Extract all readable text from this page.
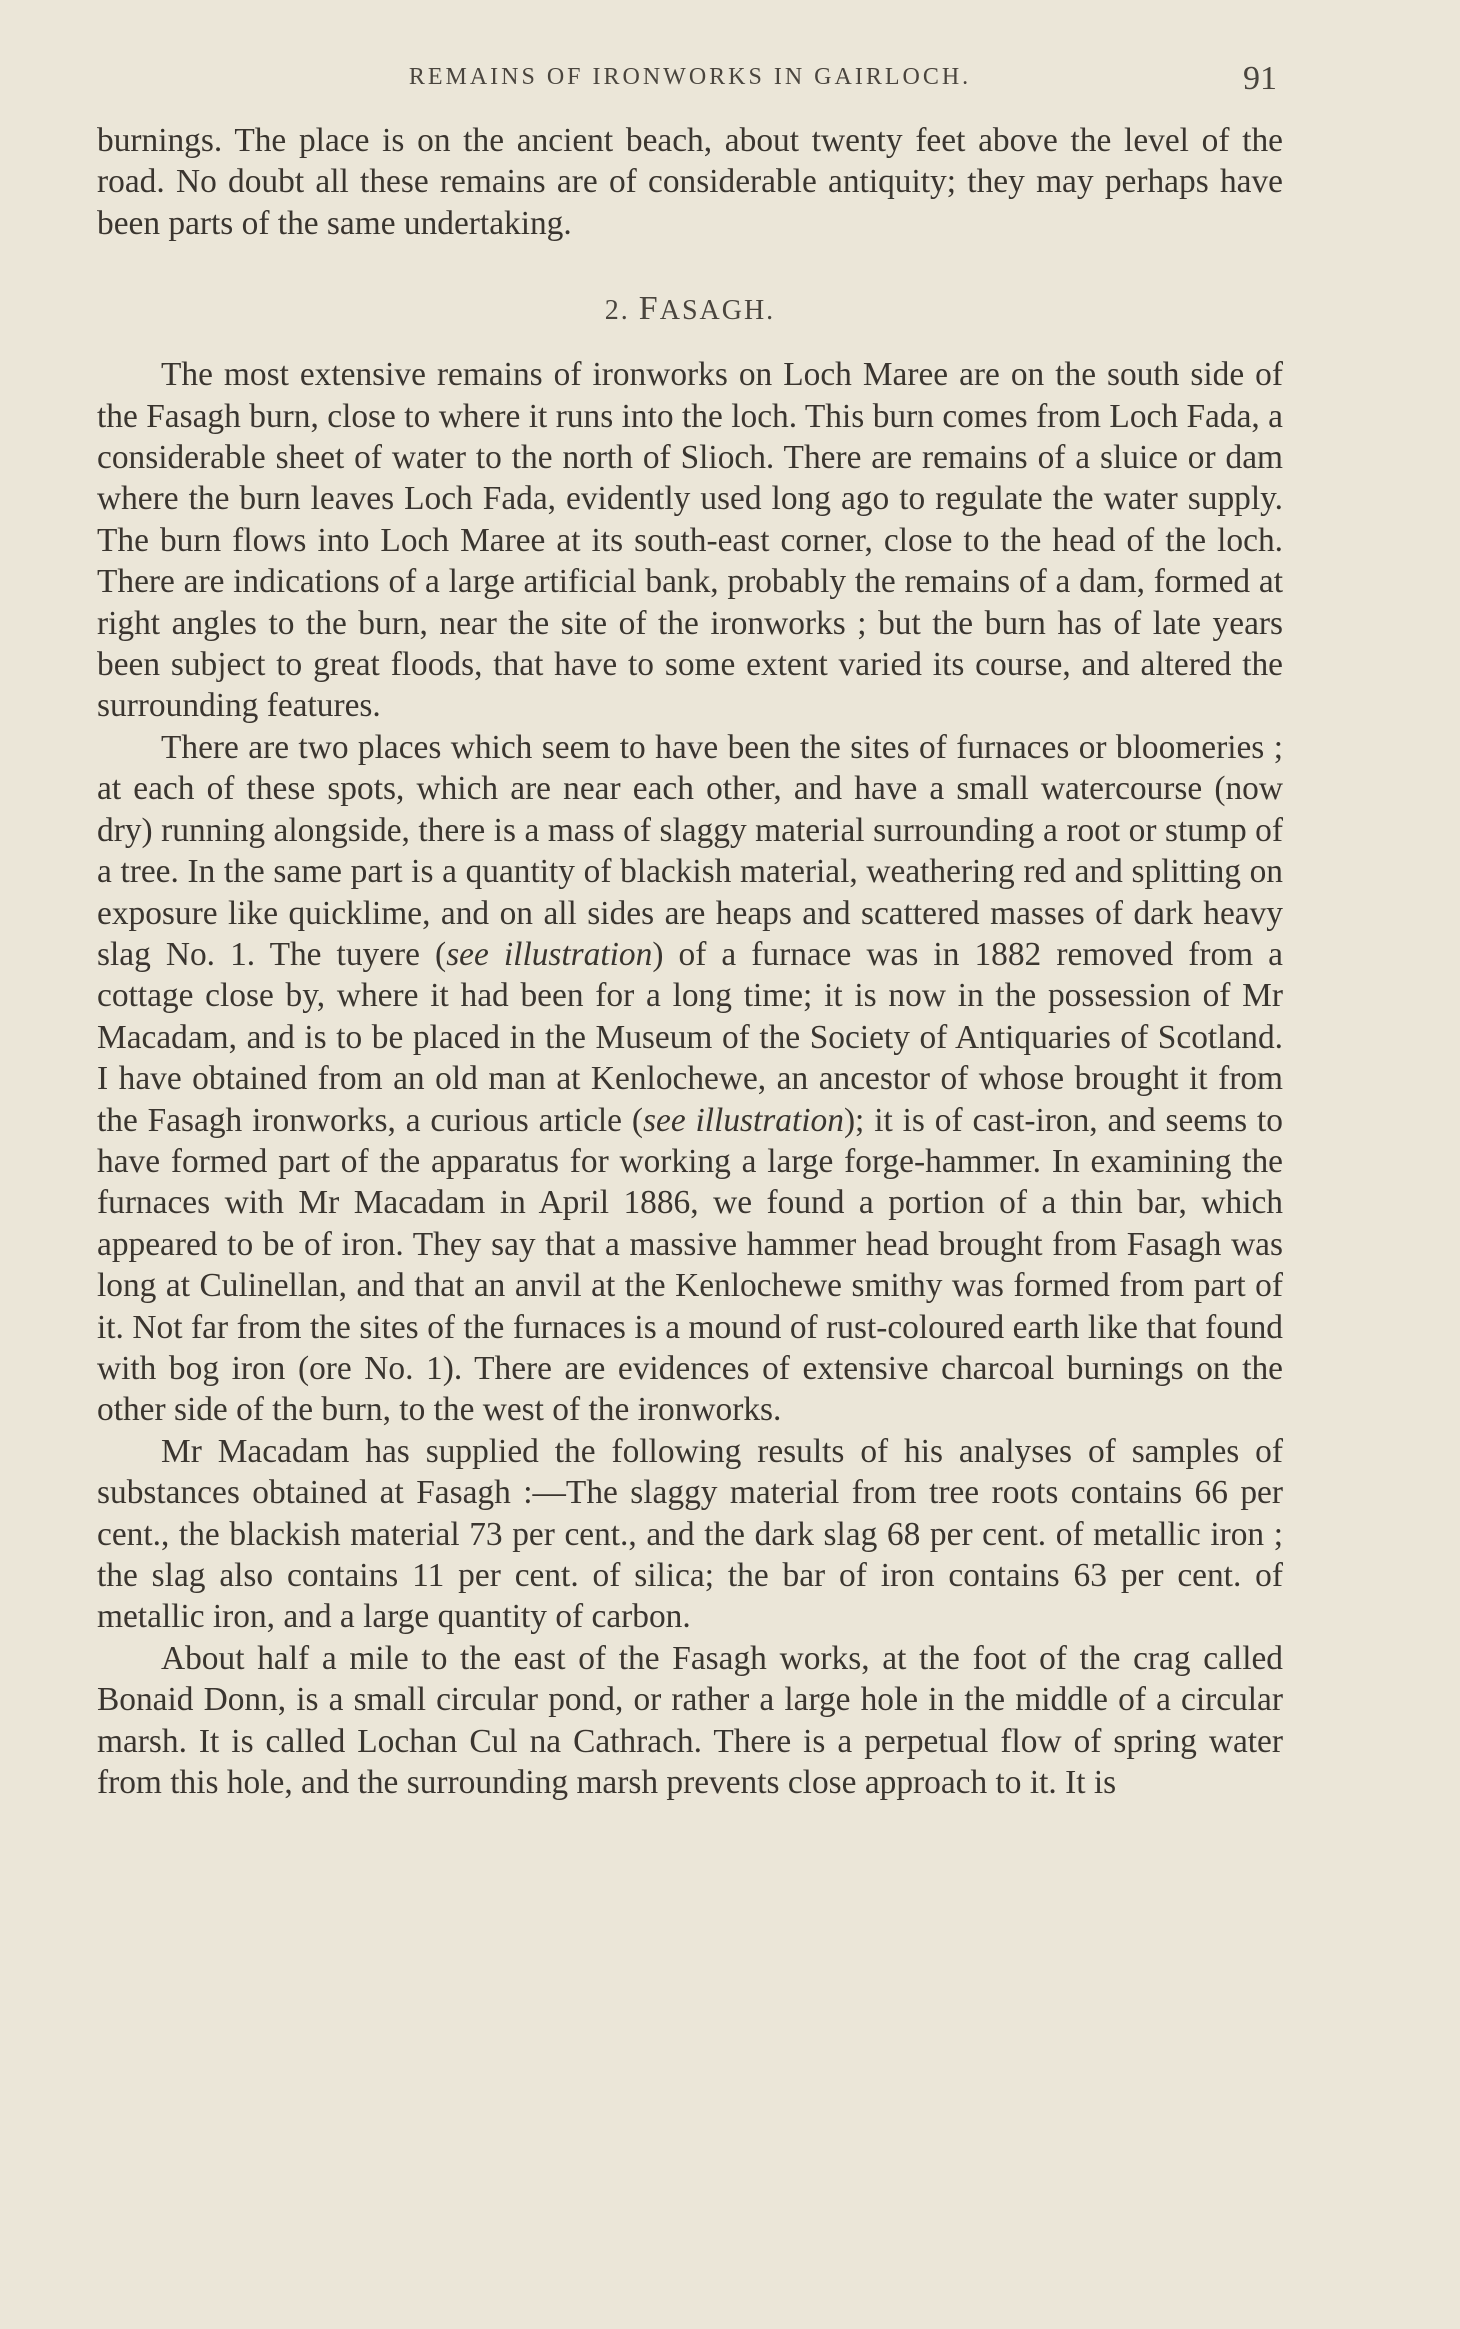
REMAINS OF IRONWORKS IN GAIRLOCH.	91

burnings. The place is on the ancient beach, about twenty feet above the level of the road. No doubt all these remains are of considerable antiquity; they may perhaps have been parts of the same undertaking.

2. FASAGH.

The most extensive remains of ironworks on Loch Maree are on the south side of the Fasagh burn, close to where it runs into the loch. This burn comes from Loch Fada, a considerable sheet of water to the north of Slioch. There are remains of a sluice or dam where the burn leaves Loch Fada, evidently used long ago to regulate the water supply. The burn flows into Loch Maree at its south-east corner, close to the head of the loch. There are indications of a large artificial bank, probably the remains of a dam, formed at right angles to the burn, near the site of the ironworks ; but the burn has of late years been subject to great floods, that have to some extent varied its course, and altered the surrounding features.

There are two places which seem to have been the sites of furnaces or bloomeries ; at each of these spots, which are near each other, and have a small watercourse (now dry) running alongside, there is a mass of slaggy material surrounding a root or stump of a tree. In the same part is a quantity of blackish material, weathering red and splitting on exposure like quicklime, and on all sides are heaps and scattered masses of dark heavy slag No. 1. The tuyere (see illustration) of a furnace was in 1882 removed from a cottage close by, where it had been for a long time; it is now in the possession of Mr Macadam, and is to be placed in the Museum of the Society of Antiquaries of Scotland. I have obtained from an old man at Kenlochewe, an ancestor of whose brought it from the Fasagh ironworks, a curious article (see illustration); it is of cast-iron, and seems to have formed part of the apparatus for working a large forge-hammer. In examining the furnaces with Mr Macadam in April 1886, we found a portion of a thin bar, which appeared to be of iron. They say that a massive hammer head brought from Fasagh was long at Culinellan, and that an anvil at the Kenlochewe smithy was formed from part of it. Not far from the sites of the furnaces is a mound of rust-coloured earth like that found with bog iron (ore No. 1). There are evidences of extensive charcoal burnings on the other side of the burn, to the west of the ironworks.

Mr Macadam has supplied the following results of his analyses of samples of substances obtained at Fasagh :—The slaggy material from tree roots contains 66 per cent., the blackish material 73 per cent., and the dark slag 68 per cent. of metallic iron ; the slag also contains 11 per cent. of silica; the bar of iron contains 63 per cent. of metallic iron, and a large quantity of carbon.

About half a mile to the east of the Fasagh works, at the foot of the crag called Bonaid Donn, is a small circular pond, or rather a large hole in the middle of a circular marsh. It is called Lochan Cul na Cathrach. There is a perpetual flow of spring water from this hole, and the surrounding marsh prevents close approach to it. It is
